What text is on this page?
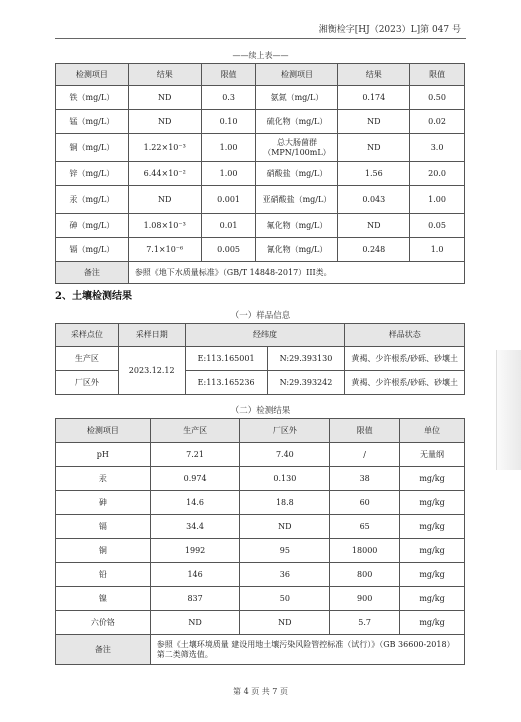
湘衡检字[HJ（2023）L]第 047 号
——续上表——
检测项目	结果	限值	检测项目	结果	限值
铁（mg/L）	ND	0.3	氨氮（mg/L）	0.174	0.50
锰（mg/L）	ND	0.10	硫化物（mg/L）	ND	0.02
铜（mg/L）	1.22×10⁻³	1.00	总大肠菌群（MPN/100mL）	ND	3.0
锌（mg/L）	6.44×10⁻²	1.00	硝酸盐（mg/L）	1.56	20.0
汞（mg/L）	ND	0.001	亚硝酸盐（mg/L）	0.043	1.00
砷（mg/L）	1.08×10⁻³	0.01	氟化物（mg/L）	ND	0.05
镉（mg/L）	7.1×10⁻⁶	0.005	氰化物（mg/L）	0.248	1.0
备注	参照《地下水质量标准》（GB/T 14848-2017）III类。				
2、土壤检测结果
（一）样品信息
采样点位	采样日期	经纬度		样品状态
生产区	2023.12.12	E:113.165001	N:29.393130	黄褐、少许根系/砂砾、砂壤土
厂区外		E:113.165236	N:29.393242	黄褐、少许根系/砂砾、砂壤土
（二）检测结果
检测项目	生产区	厂区外	限值	单位
pH	7.21	7.40	/	无量纲
汞	0.974	0.130	38	mg/kg
砷	14.6	18.8	60	mg/kg
镉	34.4	ND	65	mg/kg
铜	1992	95	18000	mg/kg
铅	146	36	800	mg/kg
镍	837	50	900	mg/kg
六价铬	ND	ND	5.7	mg/kg
备注	参照《土壤环境质量 建设用地土壤污染风险管控标准（试行）》（GB 36600-2018）第二类筛选值。			
第 4 页 共 7 页
